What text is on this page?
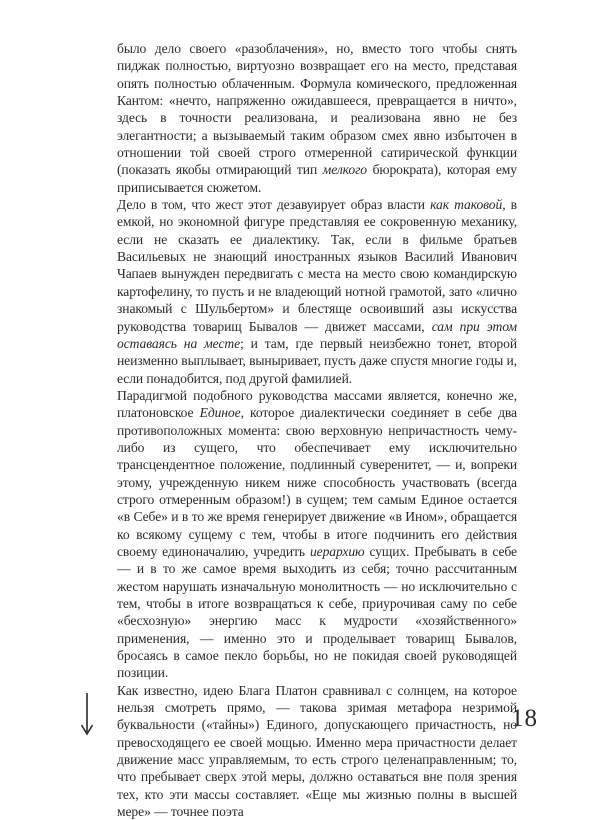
было дело своего «разоблачения», но, вместо того чтобы снять пиджак полностью, виртуозно возвращает его на место, представая опять полностью облаченным. Формула комического, предложенная Кантом: «нечто, напряженно ожидавшееся, превращается в ничто», здесь в точности реализована, и реализована явно не без элегантности; а вызываемый таким образом смех явно избыточен в отношении той своей строго отмеренной сатирической функции (показать якобы отмирающий тип мелкого бюрократа), которая ему приписывается сюжетом.

Дело в том, что жест этот дезавуирует образ власти как таковой, в емкой, но экономной фигуре представляя ее сокровенную механику, если не сказать ее диалектику. Так, если в фильме братьев Васильевых не знающий иностранных языков Василий Иванович Чапаев вынужден передвигать с места на место свою командирскую картофелину, то пусть и не владеющий нотной грамотой, зато «лично знакомый с Шульбертом» и блестяще освоивший азы искусства руководства товарищ Бывалов — движет массами, сам при этом оставаясь на месте; и там, где первый неизбежно тонет, второй неизменно выплывает, выныривает, пусть даже спустя многие годы и, если понадобится, под другой фамилией.

Парадигмой подобного руководства массами является, конечно же, платоновское Единое, которое диалектически соединяет в себе два противоположных момента: свою верховную непричастность чему-либо из сущего, что обеспечивает ему исключительно трансцендентное положение, подлинный суверенитет, — и, вопреки этому, учрежденную никем ниже способность участвовать (всегда строго отмеренным образом!) в сущем; тем самым Единое остается «в Себе» и в то же время генерирует движение «в Ином», обращается ко всякому сущему с тем, чтобы в итоге подчинить его действия своему единоначалию, учредить иерархию сущих. Пребывать в себе — и в то же самое время выходить из себя; точно рассчитанным жестом нарушать изначальную монолитность — но исключительно с тем, чтобы в итоге возвращаться к себе, приурочивая саму по себе «бесхозную» энергию масс к мудрости «хозяйственного» применения, — именно это и проделывает товарищ Бывалов, бросаясь в самое пекло борьбы, но не покидая своей руководящей позиции.

Как известно, идею Блага Платон сравнивал с солнцем, на которое нельзя смотреть прямо, — такова зримая метафора незримой буквальности («тайны») Единого, допускающего причастность, но превосходящего ее своей мощью. Именно мера причастности делает движение масс управляемым, то есть строго целенаправленным; то, что пребывает сверх этой меры, должно оставаться вне поля зрения тех, кто эти массы составляет. «Еще мы жизнью полны в высшей мере» — точнее поэта

18
